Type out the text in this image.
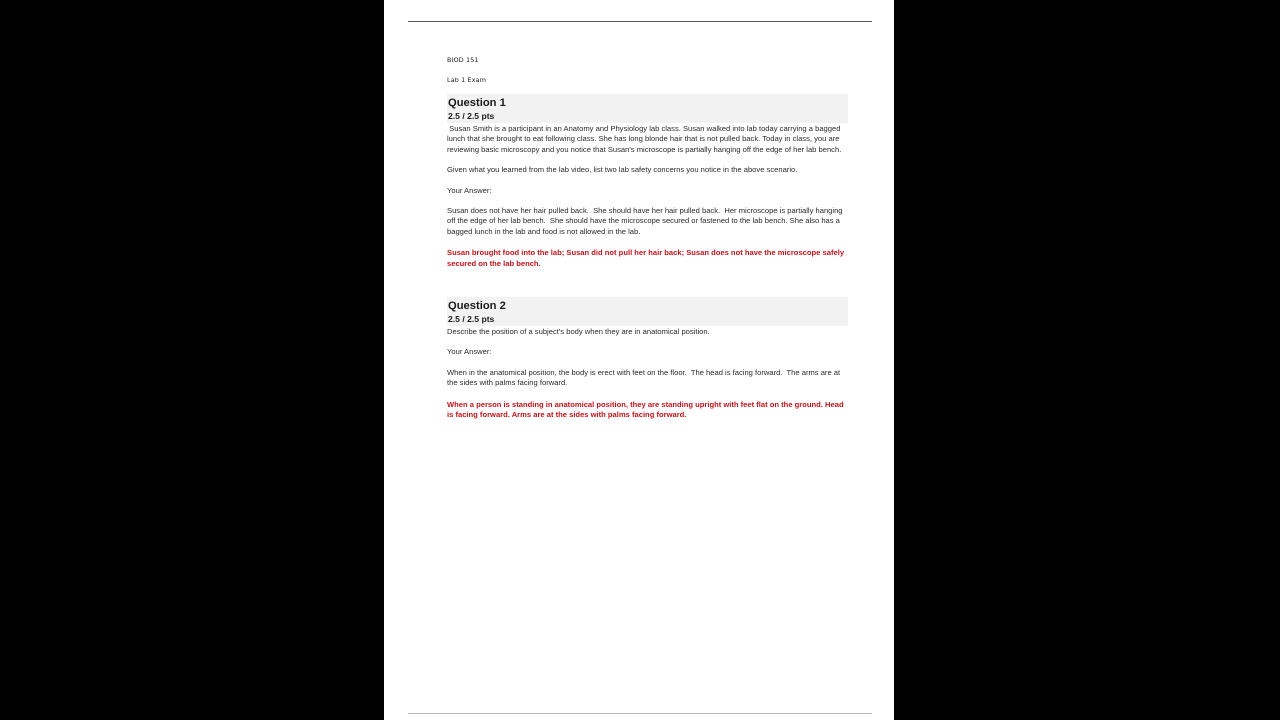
BIOD 151

Lab 1 Exam

Question 1

2.5 / 2.5 pts

Susan Smith is a participant in an Anatomy and Physiology lab class. Susan walked into lab today carrying a bagged lunch that she brought to eat following class. She has long blonde hair that is not pulled back. Today in class, you are reviewing basic microscopy and you notice that Susan's microscope is partially hanging off the edge of her lab bench.

Given what you learned from the lab video, list two lab safety concerns you notice in the above scenario.

Your Answer:

Susan does not have her hair pulled back.  She should have her hair pulled back.  Her microscope is partially hanging off the edge of her lab bench.  She should have the microscope secured or fastened to the lab bench. She also has a bagged lunch in the lab and food is not allowed in the lab.

Susan brought food into the lab; Susan did not pull her hair back; Susan does not have the microscope safely secured on the lab bench.

Question 2

2.5 / 2.5 pts

Describe the position of a subject's body when they are in anatomical position.

Your Answer:

When in the anatomical position, the body is erect with feet on the floor.  The head is facing forward.  The arms are at the sides with palms facing forward.

When a person is standing in anatomical position, they are standing upright with feet flat on the ground. Head is facing forward. Arms are at the sides with palms facing forward.
